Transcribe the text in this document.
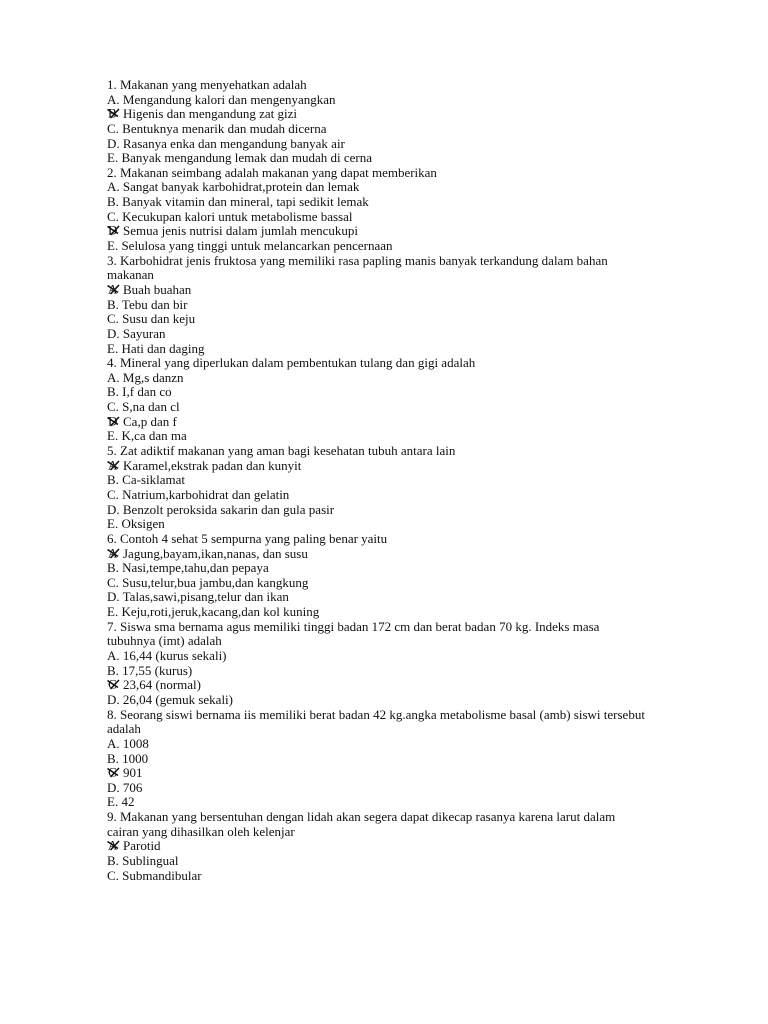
1. Makanan yang menyehatkan adalah
A. Mengandung kalori dan mengenyangkan
B Higenis dan mengandung zat gizi
C. Bentuknya menarik dan mudah dicerna
D. Rasanya enka dan mengandung banyak air
E. Banyak mengandung lemak dan mudah di cerna
2. Makanan seimbang adalah makanan yang dapat memberikan
A. Sangat banyak karbohidrat,protein dan lemak
B. Banyak vitamin dan mineral, tapi sedikit lemak
C. Kecukupan kalori untuk metabolisme bassal
D Semua jenis nutrisi dalam jumlah mencukupi
E. Selulosa yang tinggi untuk melancarkan pencernaan
3. Karbohidrat jenis fruktosa yang memiliki rasa papling manis banyak terkandung dalam bahan makanan
A Buah buahan
B. Tebu dan bir
C. Susu dan keju
D. Sayuran
E. Hati dan daging
4. Mineral yang diperlukan dalam pembentukan tulang dan gigi adalah
A. Mg,s danzn
B. I,f dan co
C. S,na dan cl
D Ca,p dan f
E. K,ca dan ma
5. Zat adiktif makanan yang aman bagi kesehatan tubuh antara lain
A Karamel,ekstrak padan dan kunyit
B. Ca-siklamat
C. Natrium,karbohidrat dan gelatin
D. Benzolt peroksida sakarin dan gula pasir
E. Oksigen
6. Contoh 4 sehat 5 sempurna yang paling benar yaitu
A Jagung,bayam,ikan,nanas, dan susu
B. Nasi,tempe,tahu,dan pepaya
C. Susu,telur,bua jambu,dan kangkung
D. Talas,sawi,pisang,telur dan ikan
E. Keju,roti,jeruk,kacang,dan kol kuning
7. Siswa sma bernama agus memiliki tinggi badan 172 cm dan berat badan 70 kg. Indeks masa tubuhnya (imt) adalah
A. 16,44 (kurus sekali)
B. 17,55 (kurus)
C 23,64 (normal)
D. 26,04 (gemuk sekali)
8. Seorang siswi bernama iis memiliki berat badan 42 kg.angka metabolisme basal (amb) siswi tersebut adalah
A. 1008
B. 1000
C 901
D. 706
E. 42
9. Makanan yang bersentuhan dengan lidah akan segera dapat dikecap rasanya karena larut dalam cairan yang dihasilkan oleh kelenjar
A Parotid
B. Sublingual
C. Submandibular
